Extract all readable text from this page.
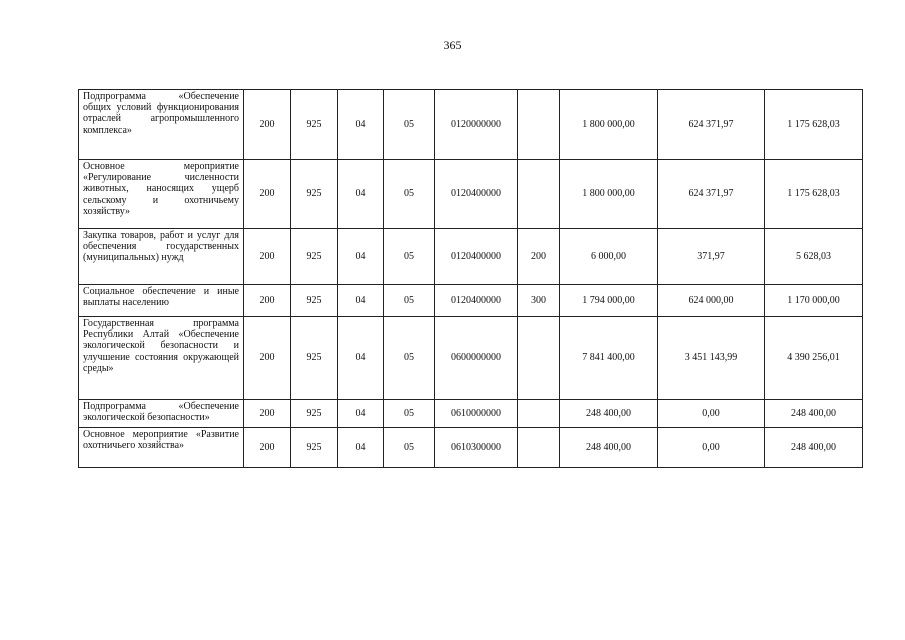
365
Подпрограмма «Обеспечение общих условий функционирования отраслей агропромышленного комплекса»	200	925	04	05	0120000000		1 800 000,00	624 371,97	1 175 628,03
Основное мероприятие «Регулирование численности животных, наносящих ущерб сельскому и охотничьему хозяйству»	200	925	04	05	0120400000		1 800 000,00	624 371,97	1 175 628,03
Закупка товаров, работ и услуг для обеспечения государственных (муниципальных) нужд	200	925	04	05	0120400000	200	6 000,00	371,97	5 628,03
Социальное обеспечение и иные выплаты населению	200	925	04	05	0120400000	300	1 794 000,00	624 000,00	1 170 000,00
Государственная программа Республики Алтай «Обеспечение экологической безопасности и улучшение состояния окружающей среды»	200	925	04	05	0600000000		7 841 400,00	3 451 143,99	4 390 256,01
Подпрограмма «Обеспечение экологической безопасности»	200	925	04	05	0610000000		248 400,00	0,00	248 400,00
Основное мероприятие «Развитие охотничьего хозяйства»	200	925	04	05	0610300000		248 400,00	0,00	248 400,00
